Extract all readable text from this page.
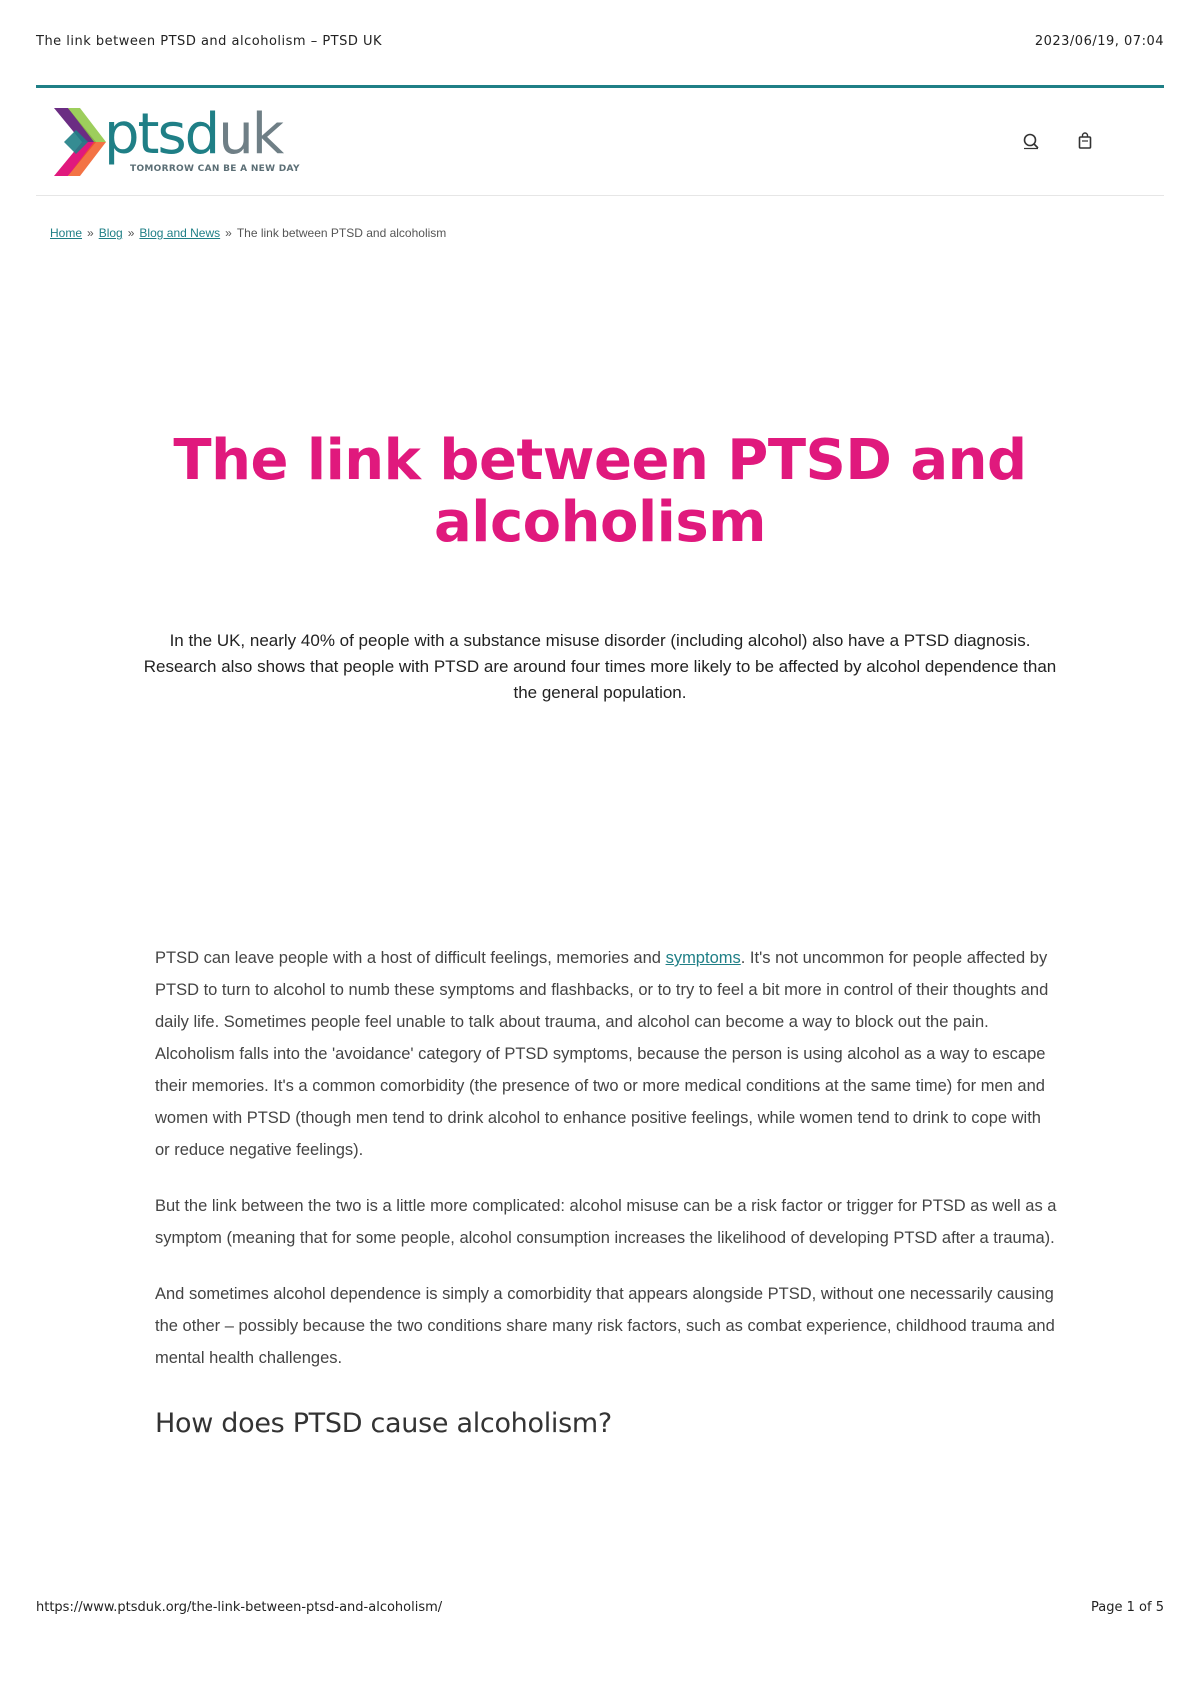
The link between PTSD and alcoholism – PTSD UK	2023/06/19, 07:04
ptsduk
TOMORROW CAN BE A NEW DAY
Home » Blog » Blog and News » The link between PTSD and alcoholism
The link between PTSD and alcoholism

In the UK, nearly 40% of people with a substance misuse disorder (including alcohol) also have a PTSD diagnosis. Research also shows that people with PTSD are around four times more likely to be affected by alcohol dependence than the general population.

PTSD can leave people with a host of difficult feelings, memories and symptoms. It's not uncommon for people affected by PTSD to turn to alcohol to numb these symptoms and flashbacks, or to try to feel a bit more in control of their thoughts and daily life. Sometimes people feel unable to talk about trauma, and alcohol can become a way to block out the pain. Alcoholism falls into the 'avoidance' category of PTSD symptoms, because the person is using alcohol as a way to escape their memories. It's a common comorbidity (the presence of two or more medical conditions at the same time) for men and women with PTSD (though men tend to drink alcohol to enhance positive feelings, while women tend to drink to cope with or reduce negative feelings).

But the link between the two is a little more complicated: alcohol misuse can be a risk factor or trigger for PTSD as well as a symptom (meaning that for some people, alcohol consumption increases the likelihood of developing PTSD after a trauma).

And sometimes alcohol dependence is simply a comorbidity that appears alongside PTSD, without one necessarily causing the other – possibly because the two conditions share many risk factors, such as combat experience, childhood trauma and mental health challenges.

How does PTSD cause alcoholism?
https://www.ptsduk.org/the-link-between-ptsd-and-alcoholism/	Page 1 of 5
